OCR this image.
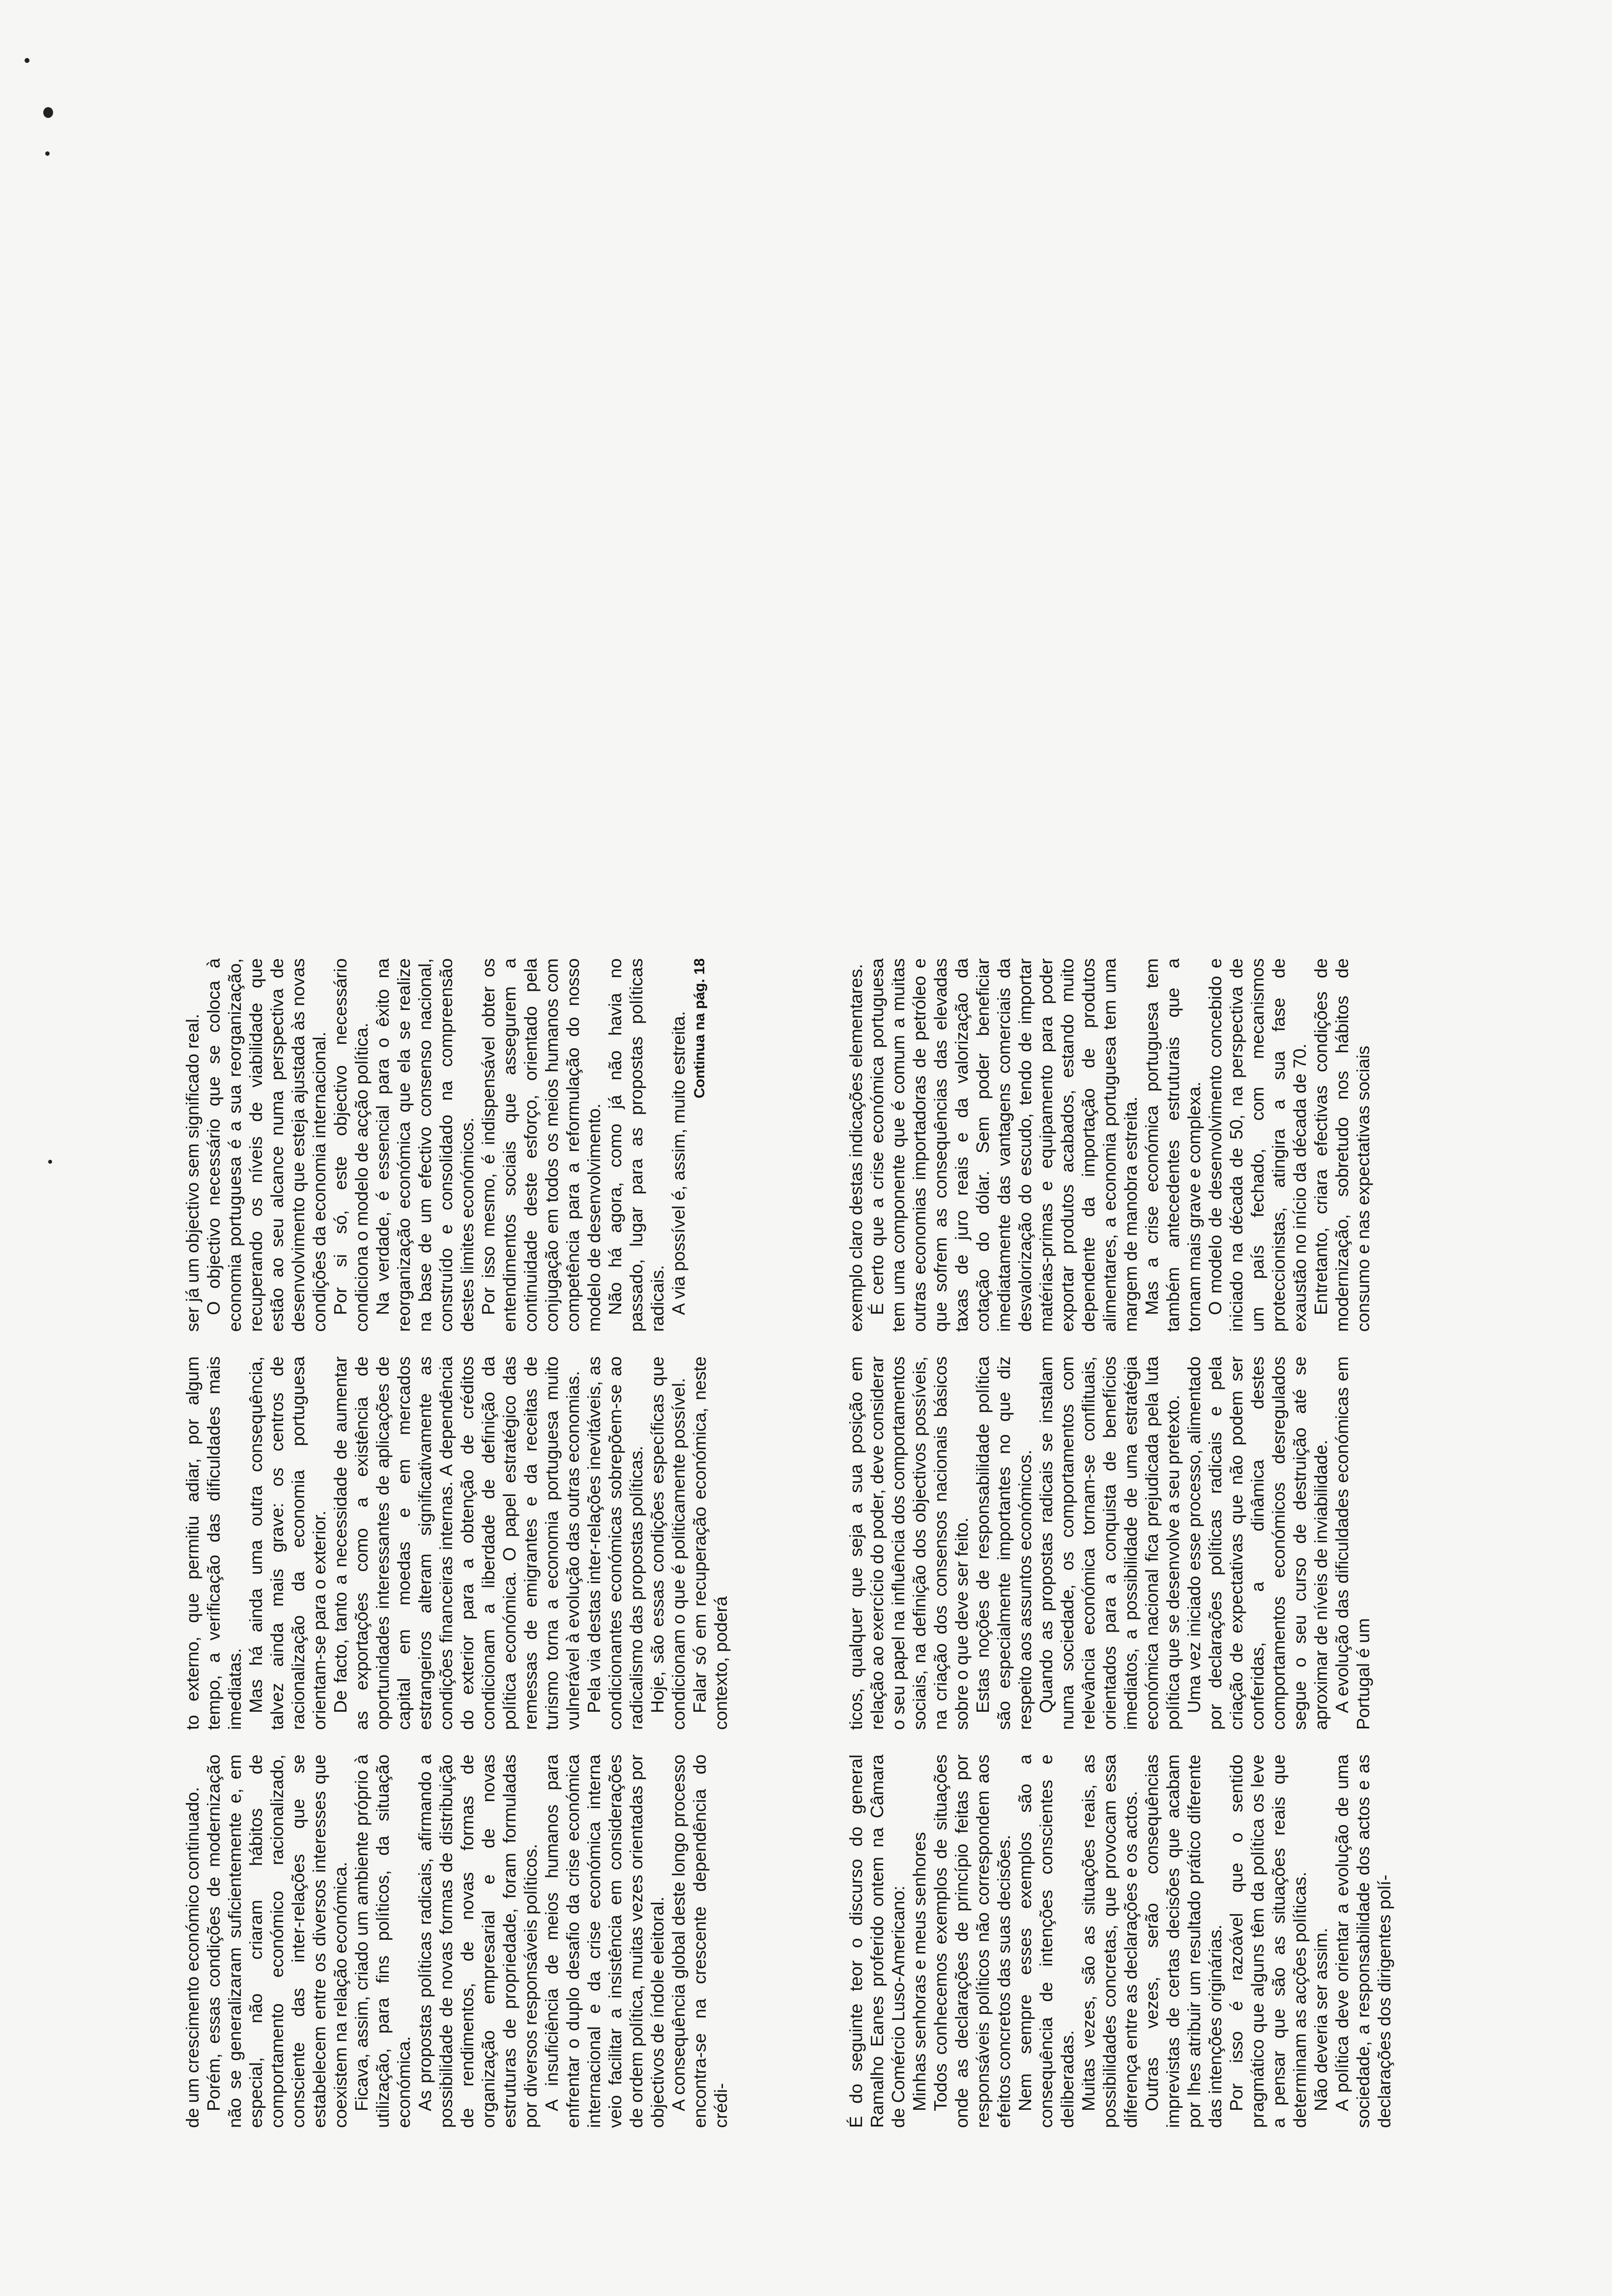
É do seguinte teor o discurso do general Ramalho Eanes proferido ontem na Câmara de Comércio Luso-Americano: Minhas senhoras e meus senhores Todos conhecemos exemplos de situações onde as declarações de princípio feitas por responsáveis políticos não correspondem aos efeitos concretos das suas decisões. Nem sempre esses exemplos são a consequência de intenções conscientes e deliberadas. Muitas vezes, são as situações reais, as possibilidades concretas, que provocam essa diferença entre as declarações e os actos. Outras vezes, serão consequências imprevistas de certas decisões que acabam por lhes atribuir um resultado prático diferente das intenções originárias. Por isso é razoável que o sentido pragmático que alguns têm da política os leve a pensar que são as situações reais que determinam as acções políticas. Não deveria ser assim. A política deve orientar a evolução de uma sociedade, a responsabilidade dos actos e as declarações dos dirigentes polí-

ticos, qualquer que seja a sua posição em relação ao exercício do poder, deve considerar o seu papel na influência dos comportamentos sociais, na definição dos objectivos possíveis, na criação dos consensos nacionais básicos sobre o que deve ser feito. Estas noções de responsabilidade política são especialmente importantes no que diz respeito aos assuntos económicos. Quando as propostas radicais se instalam numa sociedade, os comportamentos com relevância económica tornam-se conflituais, orientados para a conquista de benefícios imediatos, a possibilidade de uma estratégia económica nacional fica prejudicada pela luta política que se desenvolve a seu pretexto. Uma vez iniciado esse processo, alimentado por declarações políticas radicais e pela criação de expectativas que não podem ser conferidas, a dinâmica destes comportamentos económicos desregulados segue o seu curso de destruição até se aproximar de níveis de inviabilidade. A evolução das dificuldades económicas em Portugal é um

exemplo claro destas indicações elementares. É certo que a crise económica portuguesa tem uma componente que é comum a muitas outras economias importadoras de petróleo e que sofrem as consequências das elevadas taxas de juro reais e da valorização da cotação do dólar. Sem poder beneficiar imediatamente das vantagens comerciais da desvalorização do escudo, tendo de importar matérias-primas e equipamento para poder exportar produtos acabados, estando muito dependente da importação de produtos alimentares, a economia portuguesa tem uma margem de manobra estreita. Mas a crise económica portuguesa tem também antecedentes estruturais que a tornam mais grave e complexa. O modelo de desenvolvimento concebido e iniciado na década de 50, na perspectiva de um país fechado, com mecanismos proteccionistas, atingira a sua fase de exaustão no início da década de 70. Entretanto, criara efectivas condições de modernização, sobretudo nos hábitos de consumo e nas expectativas sociais

de um crescimento económico continuado. Porém, essas condições de modernização não se generalizaram suficientemente e, em especial, não criaram hábitos de comportamento económico racionalizado, consciente das inter-relações que se estabelecem entre os diversos interesses que coexistem na relação económica. Ficava, assim, criado um ambiente próprio à utilização, para fins políticos, da situação económica. As propostas políticas radicais, afirmando a possibilidade de novas formas de distribuição de rendimentos, de novas formas de organização empresarial e de novas estruturas de propriedade, foram formuladas por diversos responsáveis políticos. A insuficiência de meios humanos para enfrentar o duplo desafio da crise económica internacional e da crise económica interna veio facilitar a insistência em considerações de ordem política, muitas vezes orientadas por objectivos de índole eleitoral. A consequência global deste longo processo encontra-se na crescente dependência do crédi-

to externo, que permitiu adiar, por algum tempo, a verificação das dificuldades mais imediatas. Mas há ainda uma outra consequência, talvez ainda mais grave: os centros de racionalização da economia portuguesa orientam-se para o exterior. De facto, tanto a necessidade de aumentar as exportações como a existência de oportunidades interessantes de aplicações de capital em moedas e em mercados estrangeiros alteram significativamente as condições financeiras internas. A dependência do exterior para a obtenção de créditos condicionam a liberdade de definição da política económica. O papel estratégico das remessas de emigrantes e da receitas de turismo torna a economia portuguesa muito vulnerável à evolução das outras economias. Pela via destas inter-relações inevitáveis, as condicionantes económicas sobrepõem-se ao radicalismo das propostas políticas. Hoje, são essas condições específicas que condicionam o que é politicamente possível. Falar só em recuperação económica, neste contexto, poderá

ser já um objectivo sem significado real. O objectivo necessário que se coloca à economia portuguesa é a sua reorganização, recuperando os níveis de viabilidade que estão ao seu alcance numa perspectiva de desenvolvimento que esteja ajustada às novas condições da economia internacional. Por si só, este objectivo necessário condiciona o modelo de acção política. Na verdade, é essencial para o êxito na reorganização económica que ela se realize na base de um efectivo consenso nacional, construído e consolidado na compreensão destes limites económicos. Por isso mesmo, é indispensável obter os entendimentos sociais que assegurem a continuidade deste esforço, orientado pela conjugação em todos os meios humanos com competência para a reformulação do nosso modelo de desenvolvimento. Não há agora, como já não havia no passado, lugar para as propostas políticas radicais. A via possível é, assim, muito estreita. Continua na pág. 18
